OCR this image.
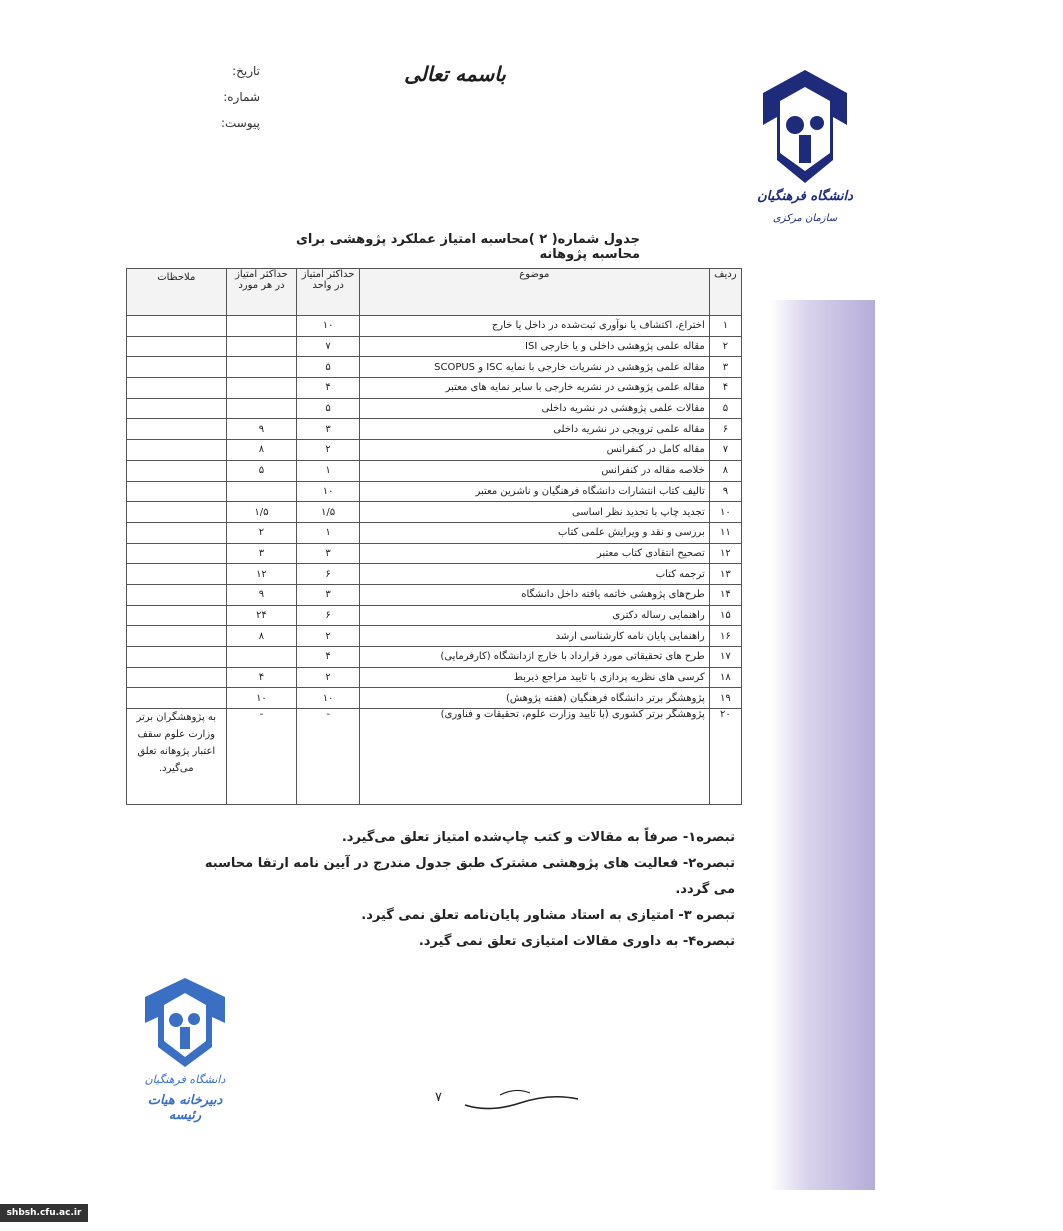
باسمه تعالی
تاریخ:
شماره:
پیوست:
دانشگاه فرهنگیان
سازمان مرکزی
نشانی:شهرک قدس،بلوار شهید فرحزادی، خیابان تربیت معلم،دانشگاه فرهنگیان تلفن: ۸۸۶۹۸۸۰ - ۸۸۶۹۸۸۰۰ - نمابر: ۸۸۶۹۸۸۰۰ - کد پستی: ۱۹۳۹۶۱۴۴۶۴
www.cfu.ac.ir
جدول شماره( ۲ )محاسبه امتیاز عملکرد پژوهشی برای محاسبه پژوهانه
ردیف	موضوع	حداکثر امتیاز در واحد	حداکثر امتیاز در هر مورد	ملاحظات
۱	اختراع، اکتشاف یا نوآوری ثبت‌شده در داخل یا خارج	۱۰		
۲	مقاله علمی پژوهشی داخلی و یا خارجی ISI	۷		
۳	مقاله علمی پژوهشی در نشریات خارجی با نمایه ISC و SCOPUS	۵		
۴	مقاله علمی پژوهشی در نشریه خارجی با سایر نمایه های معتبر	۴		
۵	مقالات علمی پژوهشی در نشریه داخلی	۵		
۶	مقاله علمی ترویجی در نشریه داخلی	۳	۹	
۷	مقاله کامل در کنفرانس	۲	۸	
۸	خلاصه مقاله در کنفرانس	۱	۵	
۹	تالیف کتاب انتشارات دانشگاه فرهنگیان و ناشرین معتبر	۱۰		
۱۰	تجدید چاپ با تجدید نظر اساسی	۱/۵	۱/۵	
۱۱	بررسی و نقد و ویرایش علمی کتاب	۱	۲	
۱۲	تصحیح انتقادی کتاب معتبر	۳	۳	
۱۳	ترجمه کتاب	۶	۱۲	
۱۴	طرح‌های پژوهشی خاتمه یافته داخل دانشگاه	۳	۹	
۱۵	راهنمایی رساله دکتری	۶	۲۴	
۱۶	راهنمایی پایان نامه کارشناسی ارشد	۲	۸	
۱۷	طرح های تحقیقاتی مورد قرارداد با خارج ازدانشگاه (کارفرمایی)	۴		
۱۸	کرسی های نظریه پردازی با تایید مراجع ذیربط	۲	۴	
۱۹	پژوهشگر برتر دانشگاه فرهنگیان (هفته پژوهش)	۱۰	۱۰	
۲۰	پژوهشگر برتر کشوری (با تایید وزارت علوم، تحقیقات و فناوری)	-	-	به پژوهشگران برتر وزارت علوم سقف اعتبار پژوهانه تعلق می‌گیرد.
تبصره۱- صرفاً به مقالات و کتب چاپ‌شده امتیاز تعلق می‌گیرد.
تبصره۲- فعالیت های پژوهشی مشترک طبق جدول مندرج در آیین نامه ارتقا محاسبه می گردد.
تبصره ۳- امتیازی به استاد مشاور پایان‌نامه تعلق نمی گیرد.
تبصره۴- به داوری مقالات امتیازی تعلق نمی گیرد.
دانشگاه فرهنگیان
دبیرخانه هیات رئیسه
۷
shbsh.cfu.ac.ir
